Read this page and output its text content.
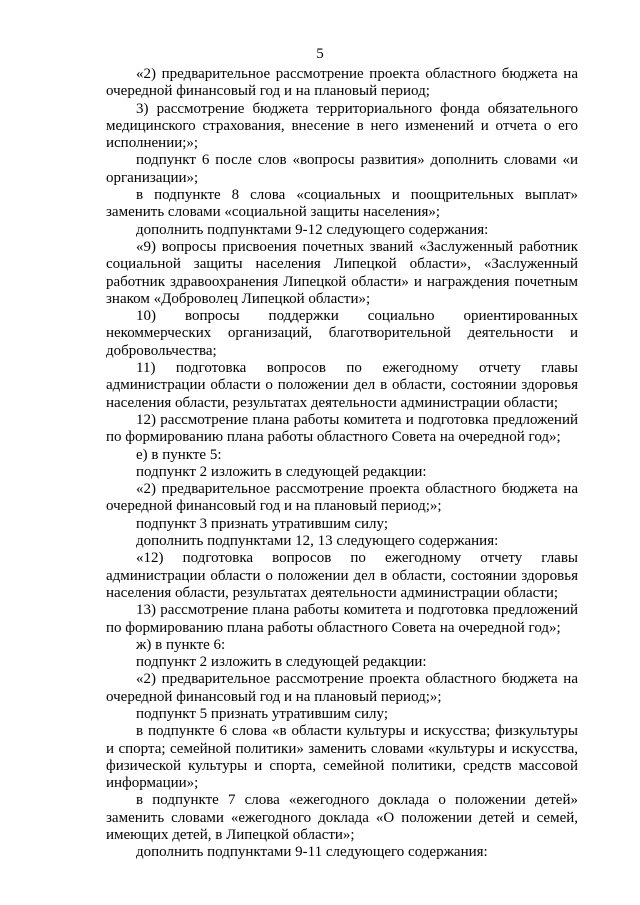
5

«2) предварительное рассмотрение проекта областного бюджета на очередной финансовый год и на плановый период;

3) рассмотрение бюджета территориального фонда обязательного медицинского страхования, внесение в него изменений и отчета о его исполнении;»;

подпункт 6 после слов «вопросы развития» дополнить словами «и организации»;

в подпункте 8 слова «социальных и поощрительных выплат» заменить словами «социальной защиты населения»;

дополнить подпунктами 9-12 следующего содержания:

«9) вопросы присвоения почетных званий «Заслуженный работник социальной защиты населения Липецкой области», «Заслуженный работник здравоохранения Липецкой области» и награждения почетным знаком «Доброволец Липецкой области»;

10) вопросы поддержки социально ориентированных некоммерческих организаций, благотворительной деятельности и добровольчества;

11) подготовка вопросов по ежегодному отчету главы администрации области о положении дел в области, состоянии здоровья населения области, результатах деятельности администрации области;

12) рассмотрение плана работы комитета и подготовка предложений по формированию плана работы областного Совета на очередной год»;

е) в пункте 5:

подпункт 2 изложить в следующей редакции:

«2) предварительное рассмотрение проекта областного бюджета на очередной финансовый год и на плановый период;»;

подпункт 3 признать утратившим силу;

дополнить подпунктами 12, 13 следующего содержания:

«12) подготовка вопросов по ежегодному отчету главы администрации области о положении дел в области, состоянии здоровья населения области, результатах деятельности администрации области;

13) рассмотрение плана работы комитета и подготовка предложений по формированию плана работы областного Совета на очередной год»;

ж) в пункте 6:

подпункт 2 изложить в следующей редакции:

«2) предварительное рассмотрение проекта областного бюджета на очередной финансовый год и на плановый период;»;

подпункт 5 признать утратившим силу;

в подпункте 6 слова «в области культуры и искусства; физкультуры и спорта; семейной политики» заменить словами «культуры и искусства, физической культуры и спорта, семейной политики, средств массовой информации»;

в подпункте 7 слова «ежегодного доклада о положении детей» заменить словами «ежегодного доклада «О положении детей и семей, имеющих детей, в Липецкой области»;

дополнить подпунктами 9-11 следующего содержания:
